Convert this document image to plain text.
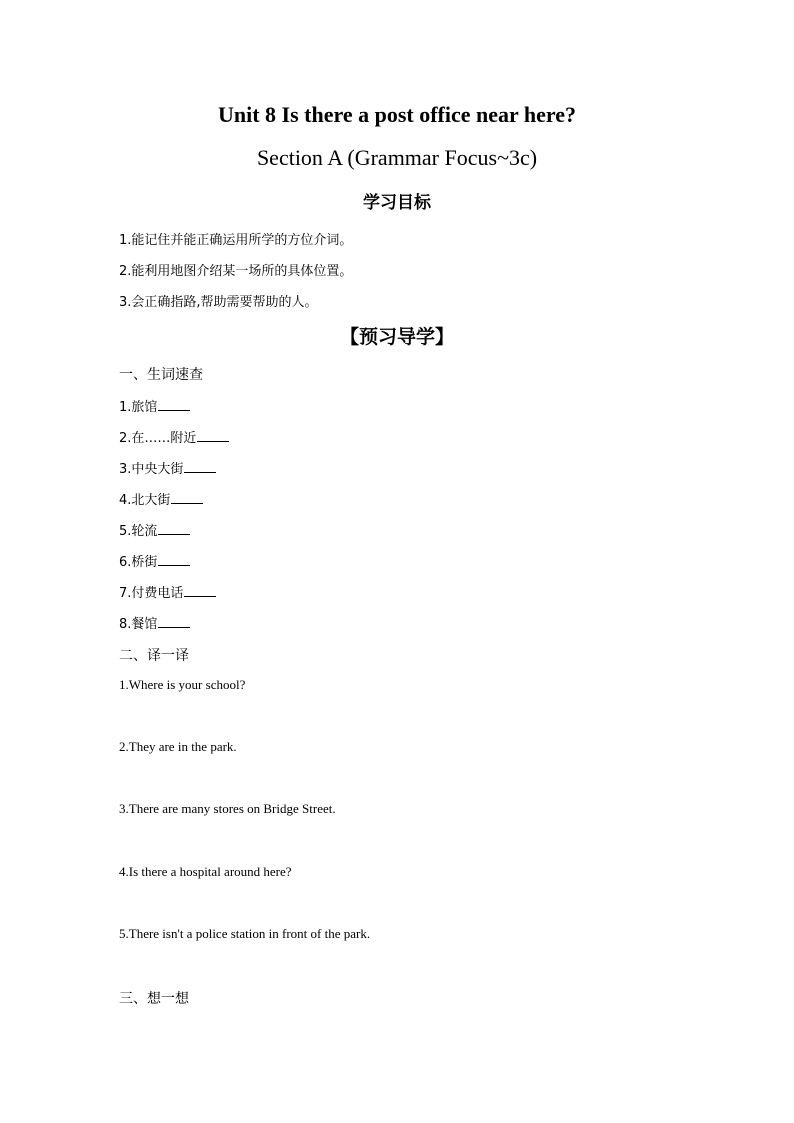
Unit 8 Is there a post office near here?
Section A (Grammar Focus~3c)
学习目标
1.能记住并能正确运用所学的方位介词。
2.能利用地图介绍某一场所的具体位置。
3.会正确指路,帮助需要帮助的人。
【预习导学】
一、生词速查
1.旅馆
2.在……附近
3.中央大街
4.北大街
5.轮流
6.桥街
7.付费电话
8.餐馆
二、译一译
1.Where is your school?
2.They are in the park.
3.There are many stores on Bridge Street.
4.Is there a hospital around here?
5.There isn't a police station in front of the park.
三、想一想
